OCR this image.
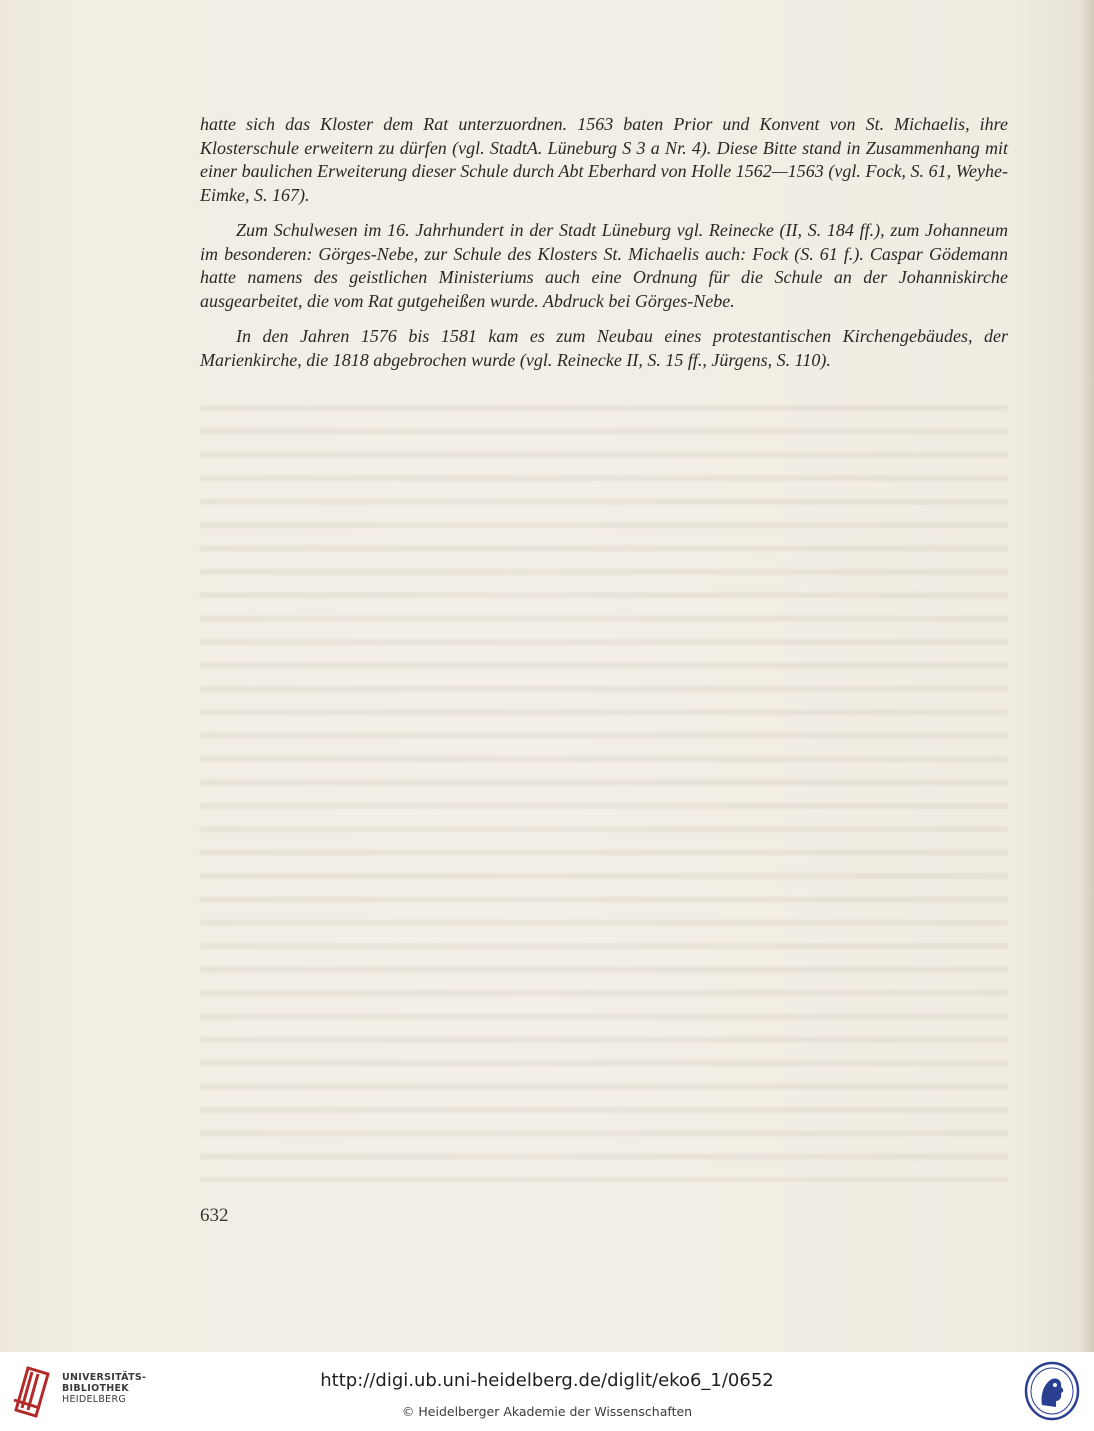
hatte sich das Kloster dem Rat unterzuordnen. 1563 baten Prior und Konvent von St. Michaelis, ihre Klosterschule erweitern zu dürfen (vgl. StadtA. Lüneburg S 3 a Nr. 4). Diese Bitte stand in Zusammenhang mit einer baulichen Erweiterung dieser Schule durch Abt Eberhard von Holle 1562—1563 (vgl. Fock, S. 61, Weyhe-Eimke, S. 167).

Zum Schulwesen im 16. Jahrhundert in der Stadt Lüneburg vgl. Reinecke (II, S. 184 ff.), zum Johanneum im besonderen: Görges-Nebe, zur Schule des Klosters St. Michaelis auch: Fock (S. 61 f.). Caspar Gödemann hatte namens des geistlichen Ministeriums auch eine Ordnung für die Schule an der Johanniskirche ausgearbeitet, die vom Rat gutgeheißen wurde. Abdruck bei Görges-Nebe.

In den Jahren 1576 bis 1581 kam es zum Neubau eines protestantischen Kirchengebäudes, der Marienkirche, die 1818 abgebrochen wurde (vgl. Reinecke II, S. 15 ff., Jürgens, S. 110).

632
UNIVERSITÄTS-
BIBLIOTHEK
HEIDELBERG
http://digi.ub.uni-heidelberg.de/diglit/eko6_1/0652
© Heidelberger Akademie der Wissenschaften
